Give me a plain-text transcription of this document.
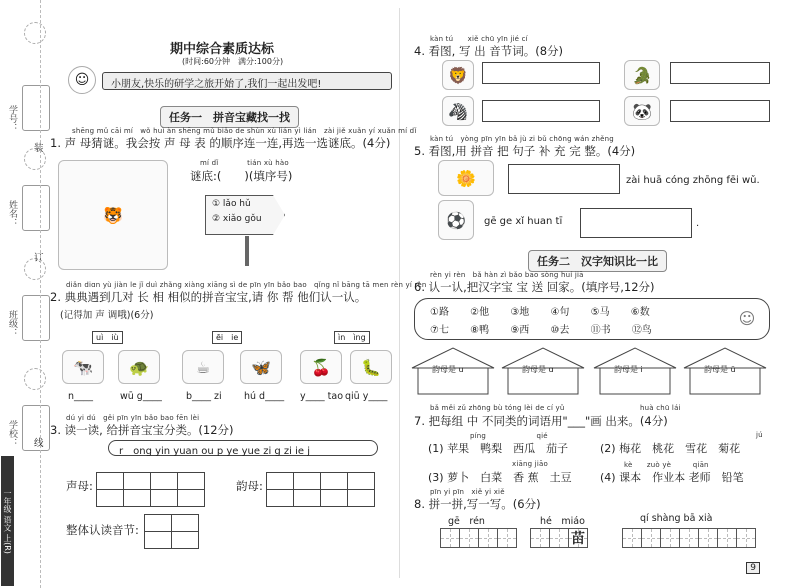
学号：
姓名：
班级：
学校：
装
订
线
一年级 语文 上(R)
期中综合素质达标
(时间:60分钟　满分:100分)
☺	小朋友,快乐的研学之旅开始了,我们一起出发吧!
任务一　拼音宝藏找一找
shēng mǔ cāi mí　wǒ huì àn shēng mǔ biǎo de shùn xù lián yì lián　zài jiě xuǎn yí xuǎn mí dǐ
1. 声 母猜谜。我会按 声 母 表 的顺序连一连,再选一选谜底。(4分)
🐯
mí dǐ　　　　tián xù hào
谜底:(　　)(填序号)
① lǎo hǔ
② xiǎo gǒu
diǎn diɑn yù jiàn le jǐ duì zhǎng xiàng xiāng sì de pīn yīn bǎo bao　qǐng nǐ bāng tā men rèn yí rèn
2. 典典遇到几对 长 相 相似的拼音宝宝,请 你 帮 他们认一认。
(记得加 声 调哦)(6分)
uì　iù	ēi　ie	ìn　ìng
🐄	🐢	☕	🦋	🍒	🐛
n____	wū g____	b____ zi hú d____ y____ tao qiū y____
dú yi dú　gěi pīn yīn bǎo bao fēn lèi
3. 读一读, 给拼音宝宝分类。(12分)
r　ong yin yuan ou p ye yue zi g zi ie j
声母:	韵母:
整体认读音节:
kàn tú　　xiě chū yīn jié cí
4. 看图, 写 出 音节词。(8分)
🦁
🦓
🐊
🐼
kàn tú　yòng pīn yīn bǎ jù zi bǔ chōng wán zhěng
5. 看图,用 拼音 把 句子 补 充 完 整。(4分)
🌼	zài huā cóng zhōng fēi wǔ.
⚽	gē ge xǐ huan tī	.
任务二　汉字知识比一比
rèn yi rèn　bǎ hàn zì bǎo bao sòng huí jiā
6. 认一认,把汉字宝 宝 送 回家。(填序号,12分)
①路 ②他 ③地 ④句 ⑤马 ⑥数
⑦七 ⑧鸭 ⑨西 ⑩去 ⑪书 ⑫鸟
☺
韵母是 u	韵母是 ɑ	韵母是 i	韵母是 ü
bǎ měi zǔ zhōng bù tóng lèi de cí yǔ	huà chū lái
7. 把每组 中 不同类的词语用"___"画 出来。(4分)
píng　　　　　　　qié
(1) 苹果　鸭梨　西瓜　茄子
jú
(2) 梅花　桃花　雪花　菊花
xiāng jiāo
(3) 萝卜　白菜　香 蕉　土豆
kè　　zuò yè　　　qiān
(4) 课本　作业本 老师　铅笔
pīn yi pīn　xiě yi xiě
8. 拼一拼,写一写。(6分)
gē　rén	hé　miáo	qí shàng bā xià
苗
9
